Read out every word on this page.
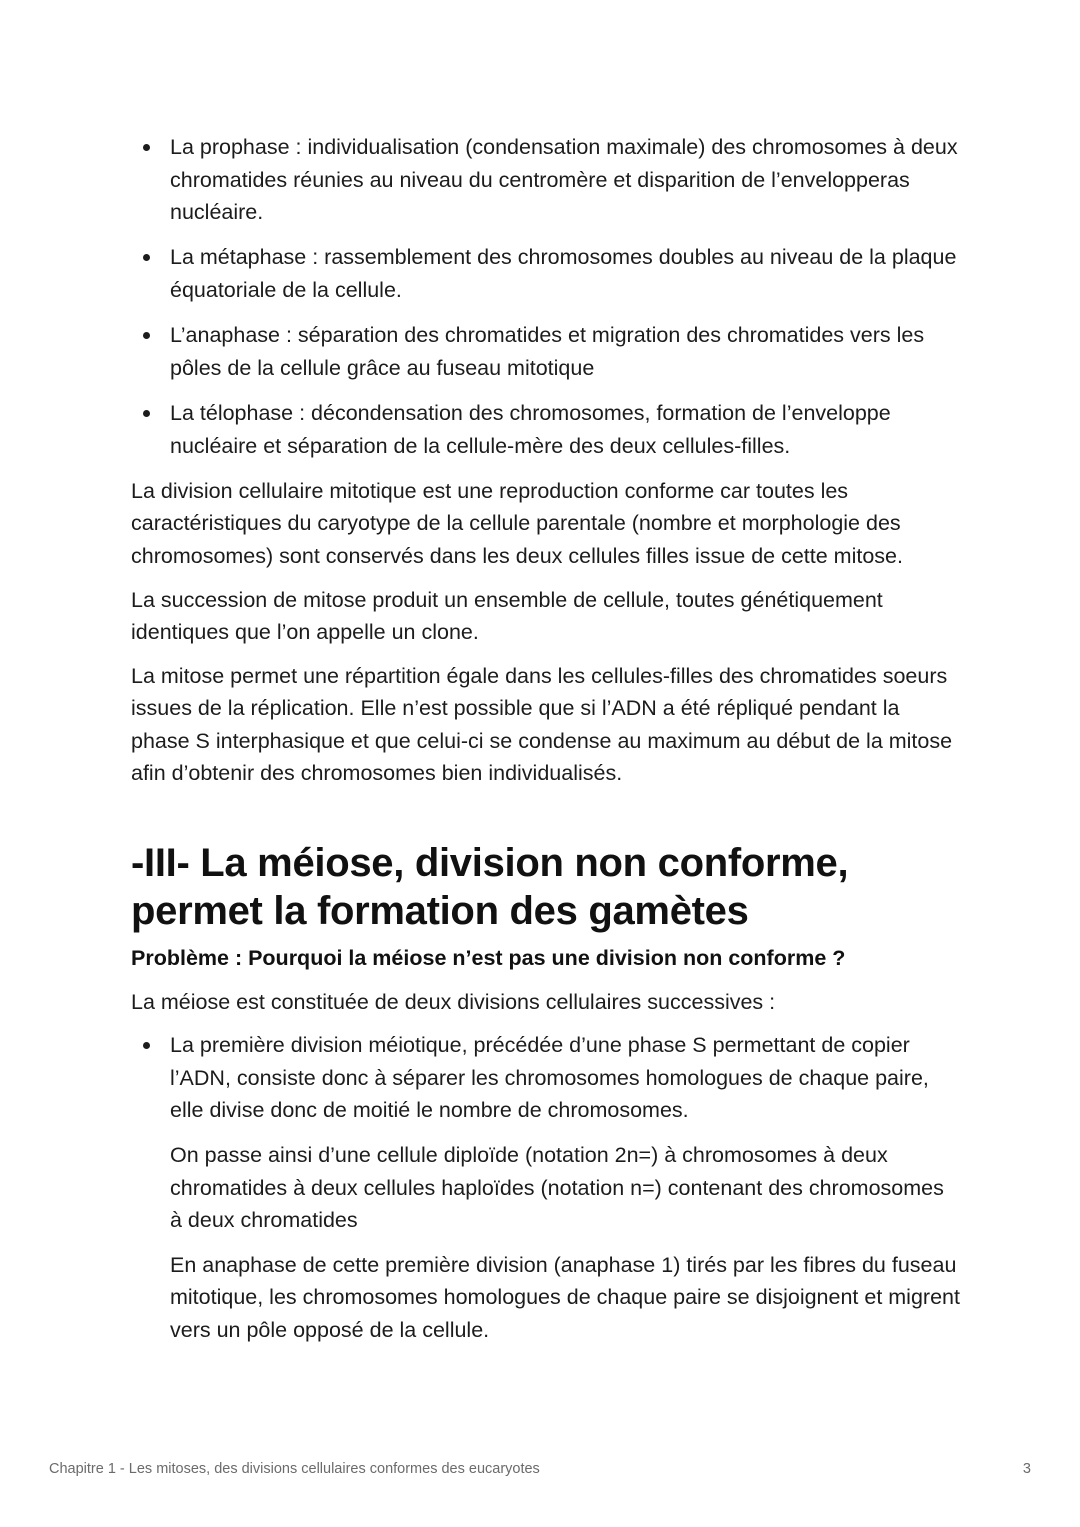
La prophase : individualisation (condensation maximale) des chromosomes à deux chromatides réunies au niveau du centromère et disparition de l’envelopperas nucléaire.
La métaphase : rassemblement des chromosomes doubles au niveau de la plaque équatoriale de la cellule.
L’anaphase : séparation des chromatides et migration des chromatides vers les pôles de la cellule grâce au fuseau mitotique
La télophase : décondensation des chromosomes, formation de l’enveloppe nucléaire et séparation de la cellule-mère des deux cellules-filles.

La division cellulaire mitotique est une reproduction conforme car toutes les caractéristiques du caryotype de la cellule parentale (nombre et morphologie des chromosomes) sont conservés dans les deux cellules filles issue de cette mitose.

La succession de mitose produit un ensemble de cellule, toutes génétiquement identiques que l’on appelle un clone.

La mitose permet une répartition égale dans les cellules-filles des chromatides soeurs issues de la réplication. Elle n’est possible que si l’ADN a été répliqué pendant la phase S interphasique et que celui-ci se condense au maximum au début de la mitose afin d’obtenir des chromosomes bien individualisés.

-III- La méiose, division non conforme,
permet la formation des gamètes

Problème : Pourquoi la méiose n’est pas une division non conforme ?

La méiose est constituée de deux divisions cellulaires successives :

La première division méiotique, précédée d’une phase S permettant de copier l’ADN, consiste donc à séparer les chromosomes homologues de chaque paire, elle divise donc de moitié le nombre de chromosomes.
On passe ainsi d’une cellule diploïde (notation 2n=) à chromosomes à deux chromatides à deux cellules haploïdes (notation n=) contenant des chromosomes à deux chromatides
En anaphase de cette première division (anaphase 1) tirés par les fibres du fuseau mitotique, les chromosomes homologues de chaque paire se disjoignent et migrent vers un pôle opposé de la cellule.
Chapitre 1 - Les mitoses, des divisions cellulaires conformes des eucaryotes	3
